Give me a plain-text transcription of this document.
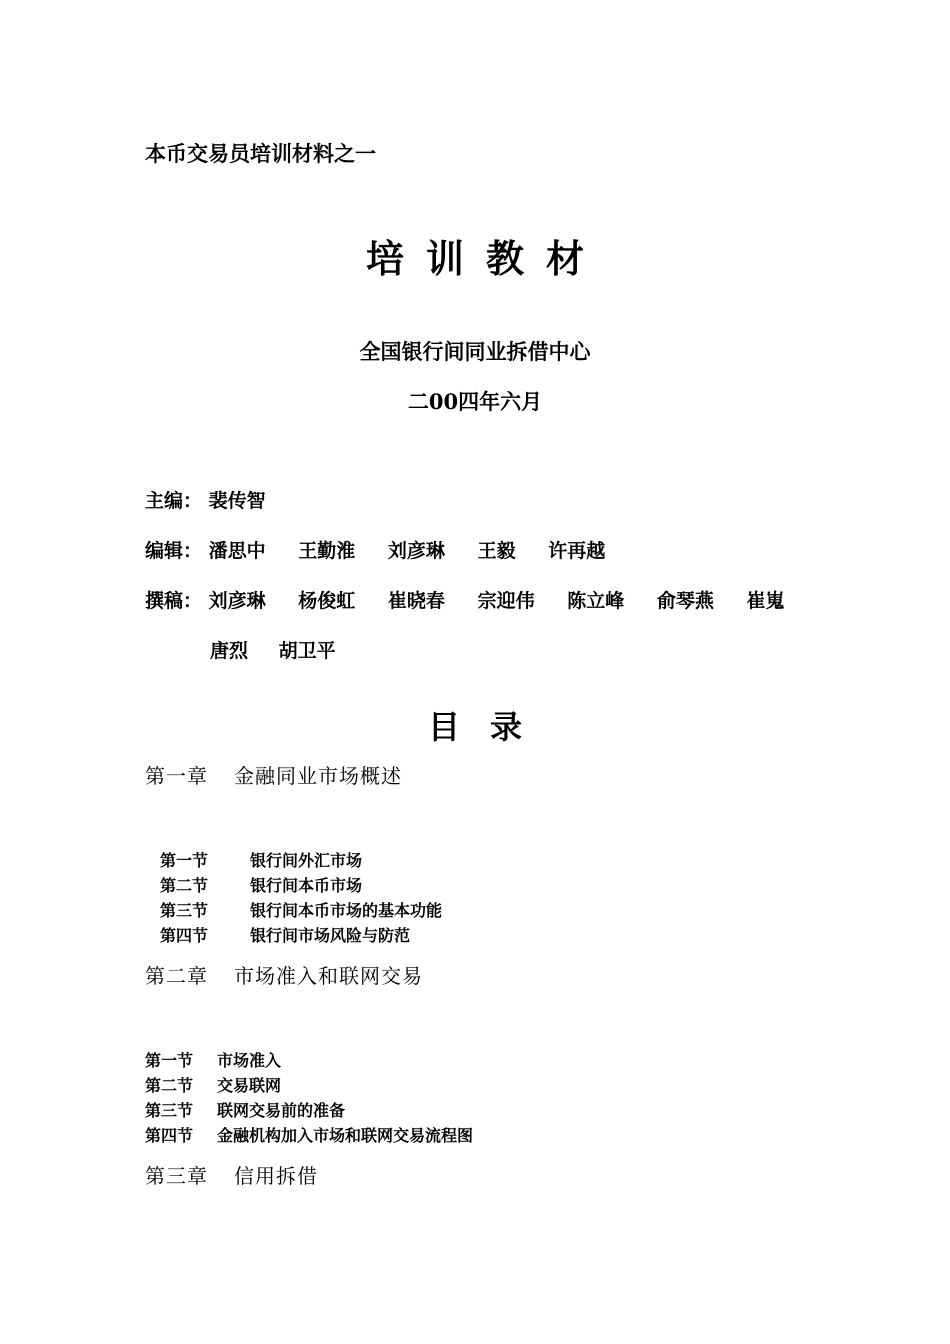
本币交易员培训材料之一
培训教材
全国银行间同业拆借中心
二00四年六月
主编： 裴传智
编辑： 潘思中 王勤淮 刘彦琳 王毅 许再越
撰稿： 刘彦琳 杨俊虹 崔晓春 宗迎伟 陈立峰 俞琴燕 崔嵬
唐烈 胡卫平
目录
第一章 金融同业市场概述
第一节	银行间外汇市场
第二节	银行间本币市场
第三节	银行间本币市场的基本功能
第四节	银行间市场风险与防范
第二章 市场准入和联网交易
第一节 市场准入
第二节 交易联网
第三节 联网交易前的准备
第四节 金融机构加入市场和联网交易流程图
第三章 信用拆借
